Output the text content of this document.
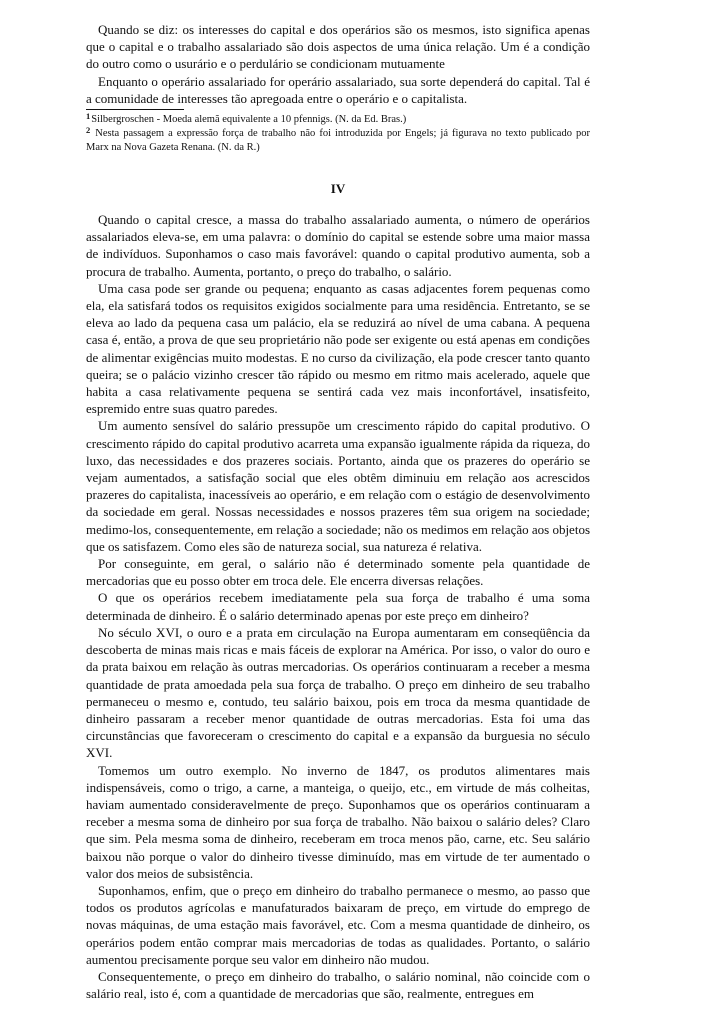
Quando se diz: os interesses do capital e dos operários são os mesmos, isto significa apenas que o capital e o trabalho assalariado são dois aspectos de uma única relação. Um é a condição do outro como o usurário e o perdulário se condicionam mutuamente

Enquanto o operário assalariado for operário assalariado, sua sorte dependerá do capital. Tal é a comunidade de interesses tão apregoada entre o operário e o capitalista.

$^1$Silbergroschen - Moeda alemã equivalente a 10 pfennigs. (N. da Ed. Bras.)

$^2$ Nesta passagem a expressão força de trabalho não foi introduzida por Engels; já figurava no texto publicado por Marx na Nova Gazeta Renana. (N. da R.)

IV

Quando o capital cresce, a massa do trabalho assalariado aumenta, o número de operários assalariados eleva-se, em uma palavra: o domínio do capital se estende sobre uma maior massa de indivíduos. Suponhamos o caso mais favorável: quando o capital produtivo aumenta, sob a procura de trabalho. Aumenta, portanto, o preço do trabalho, o salário.

Uma casa pode ser grande ou pequena; enquanto as casas adjacentes forem pequenas como ela, ela satisfará todos os requisitos exigidos socialmente para uma residência. Entretanto, se se eleva ao lado da pequena casa um palácio, ela se reduzirá ao nível de uma cabana. A pequena casa é, então, a prova de que seu proprietário não pode ser exigente ou está apenas em condições de alimentar exigências muito modestas. E no curso da civilização, ela pode crescer tanto quanto queira; se o palácio vizinho crescer tão rápido ou mesmo em ritmo mais acelerado, aquele que habita a casa relativamente pequena se sentirá cada vez mais inconfortável, insatisfeito, espremido entre suas quatro paredes.

Um aumento sensível do salário pressupõe um crescimento rápido do capital produtivo. O crescimento rápido do capital produtivo acarreta uma expansão igualmente rápida da riqueza, do luxo, das necessidades e dos prazeres sociais. Portanto, ainda que os prazeres do operário se vejam aumentados, a satisfação social que eles obtêm diminuiu em relação aos acrescidos prazeres do capitalista, inacessíveis ao operário, e em relação com o estágio de desenvolvimento da sociedade em geral. Nossas necessidades e nossos prazeres têm sua origem na sociedade; medimo-los, consequentemente, em relação a sociedade; não os medimos em relação aos objetos que os satisfazem. Como eles são de natureza social, sua natureza é relativa.

Por conseguinte, em geral, o salário não é determinado somente pela quantidade de mercadorias que eu posso obter em troca dele. Ele encerra diversas relações.

O que os operários recebem imediatamente pela sua força de trabalho é uma soma determinada de dinheiro. É o salário determinado apenas por este preço em dinheiro?

No século XVI, o ouro e a prata em circulação na Europa aumentaram em conseqüência da descoberta de minas mais ricas e mais fáceis de explorar na América. Por isso, o valor do ouro e da prata baixou em relação às outras mercadorias. Os operários continuaram a receber a mesma quantidade de prata amoedada pela sua força de trabalho. O preço em dinheiro de seu trabalho permaneceu o mesmo e, contudo, teu salário baixou, pois em troca da mesma quantidade de dinheiro passaram a receber menor quantidade de outras mercadorias. Esta foi uma das circunstâncias que favoreceram o crescimento do capital e a expansão da burguesia no século XVI.

Tomemos um outro exemplo. No inverno de 1847, os produtos alimentares mais indispensáveis, como o trigo, a carne, a manteiga, o queijo, etc., em virtude de más colheitas, haviam aumentado consideravelmente de preço. Suponhamos que os operários continuaram a receber a mesma soma de dinheiro por sua força de trabalho. Não baixou o salário deles? Claro que sim. Pela mesma soma de dinheiro, receberam em troca menos pão, carne, etc. Seu salário baixou não porque o valor do dinheiro tivesse diminuído, mas em virtude de ter aumentado o valor dos meios de subsistência.

Suponhamos, enfim, que o preço em dinheiro do trabalho permanece o mesmo, ao passo que todos os produtos agrícolas e manufaturados baixaram de preço, em virtude do emprego de novas máquinas, de uma estação mais favorável, etc. Com a mesma quantidade de dinheiro, os operários podem então comprar mais mercadorias de todas as qualidades. Portanto, o salário aumentou precisamente porque seu valor em dinheiro não mudou.

Consequentemente, o preço em dinheiro do trabalho, o salário nominal, não coincide com o salário real, isto é, com a quantidade de mercadorias que são, realmente, entregues em
